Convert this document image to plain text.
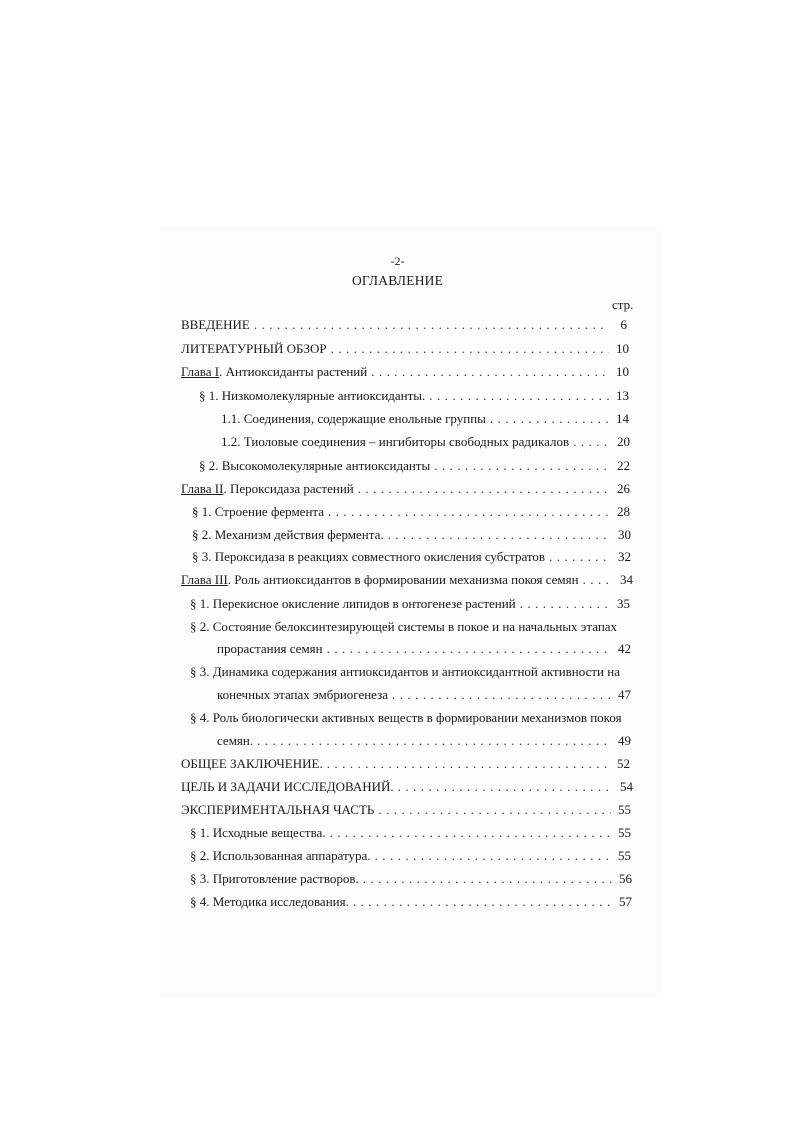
-2-
ОГЛАВЛЕНИЕ
стр.
ВВЕДЕНИЕ . . .	6
ЛИТЕРАТУРНЫЙ ОБЗОР . . .	10
Глава I. Антиоксиданты растений . . .	10
§ 1. Низкомолекулярные антиоксиданты. . . .	13
1.1. Соединения, содержащие енольные группы . . .	14
1.2. Тиоловые соединения – ингибиторы свободных радикалов . . .	20
§ 2. Высокомолекулярные антиоксиданты . . .	22
Глава II. Пероксидаза растений . . .	26
§ 1. Строение фермента . . .	28
§ 2. Механизм действия фермента. . . .	30
§ 3. Пероксидаза в реакциях совместного окисления субстратов . . .	32
Глава III. Роль антиоксидантов в формировании механизма покоя семян . . .	34
§ 1. Перекисное окисление липидов в онтогенезе растений . . .	35
§ 2. Состояние белоксинтезирующей системы в покое и на начальных этапах
прорастания семян . . .	42
§ 3. Динамика содержания антиоксидантов и антиоксидантной активности на
конечных этапах эмбриогенеза . . .	47
§ 4. Роль биологически активных веществ в формировании механизмов покоя
семян. . . .	49
ОБЩЕЕ ЗАКЛЮЧЕНИЕ. . . .	52
ЦЕЛЬ И ЗАДАЧИ ИССЛЕДОВАНИЙ. . . .	54
ЭКСПЕРИМЕНТАЛЬНАЯ ЧАСТЬ . . .	55
§ 1. Исходные вещества. . . .	55
§ 2. Использованная аппаратура. . . .	55
§ 3. Приготовление растворов. . . .	56
§ 4. Методика исследования. . . .	57
